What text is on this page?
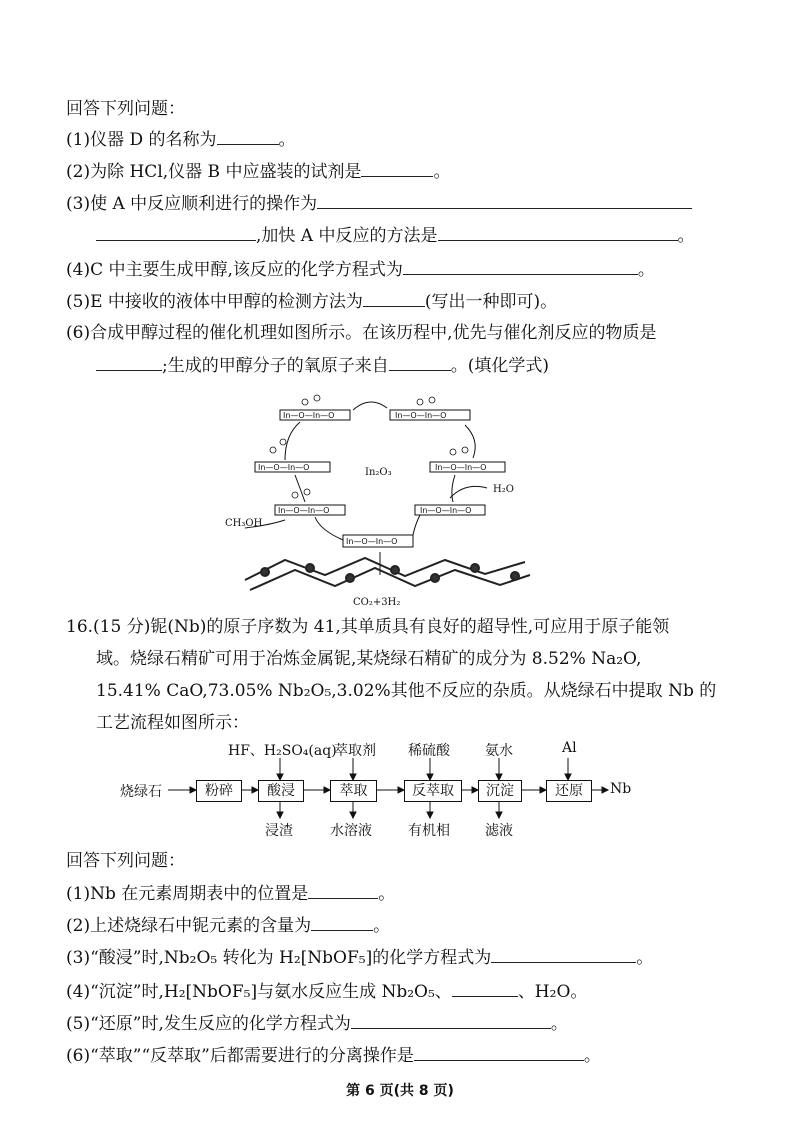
回答下列问题：
(1)仪器 D 的名称为	。
(2)为除 HCl,仪器 B 中应盛装的试剂是	。
(3)使 A 中反应顺利进行的操作为
,加快 A 中反应的方法是	。
(4)C 中主要生成甲醇,该反应的化学方程式为	。
(5)E 中接收的液体中甲醇的检测方法为	(写出一种即可)。
(6)合成甲醇过程的催化机理如图所示。在该历程中,优先与催化剂反应的物质是
;生成的甲醇分子的氧原子来自	。(填化学式)
In—O—In—O	In—O—In—O
In—O—In—O	In—O—In—O
In—O—In—O	In—O—In—O
In—O—In—O
In₂O₃
H₂O
CH₃OH
CO₂+3H₂
16.(15 分)铌(Nb)的原子序数为 41,其单质具有良好的超导性,可应用于原子能领
域。烧绿石精矿可用于冶炼金属铌,某烧绿石精矿的成分为 8.52% Na₂O,
15.41% CaO,73.05% Nb₂O₅,3.02%其他不反应的杂质。从烧绿石中提取 Nb 的
工艺流程如图所示：
烧绿石	粉碎	酸浸	萃取	反萃取	沉淀	还原	Nb
HF、H₂SO₄(aq)
萃取剂 稀硫酸	氨水	Al
浸渣	水溶液	有机相	滤液
回答下列问题：
(1)Nb 在元素周期表中的位置是	。
(2)上述烧绿石中铌元素的含量为	。
(3)“酸浸”时,Nb₂O₅ 转化为 H₂[NbOF₅]的化学方程式为	。
(4)“沉淀”时,H₂[NbOF₅]与氨水反应生成 Nb₂O₅、	、H₂O。
(5)“还原”时,发生反应的化学方程式为	。
(6)“萃取”“反萃取”后都需要进行的分离操作是	。
第 6 页(共 8 页)
